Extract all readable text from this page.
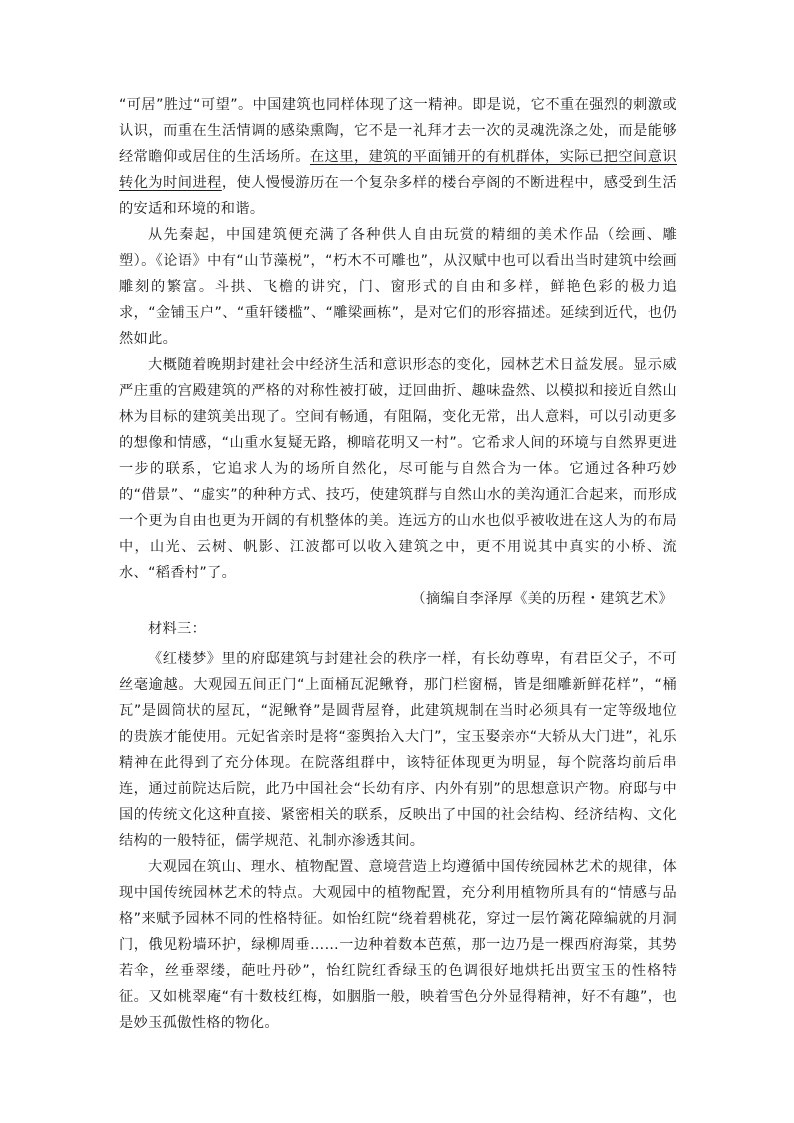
“可居”胜过“可望”。中国建筑也同样体现了这一精神。即是说，它不重在强烈的刺激或认识，而重在生活情调的感染熏陶，它不是一礼拜才去一次的灵魂洗涤之处，而是能够经常瞻仰或居住的生活场所。在这里，建筑的平面铺开的有机群体，实际已把空间意识转化为时间进程，使人慢慢游历在一个复杂多样的楼台亭阁的不断进程中，感受到生活的安适和环境的和谐。

从先秦起，中国建筑便充满了各种供人自由玩赏的精细的美术作品（绘画、雕塑）。《论语》中有“山节藻棁”，“朽木不可雕也”，从汉赋中也可以看出当时建筑中绘画雕刻的繁富。斗拱、飞檐的讲究，门、窗形式的自由和多样，鲜艳色彩的极力追求，“金铺玉户”、“重轩镂槛”、“雕梁画栋”，是对它们的形容描述。延续到近代，也仍然如此。

大概随着晚期封建社会中经济生活和意识形态的变化，园林艺术日益发展。显示威严庄重的宫殿建筑的严格的对称性被打破，迂回曲折、趣味盎然、以模拟和接近自然山林为目标的建筑美出现了。空间有畅通，有阻隔，变化无常，出人意料，可以引动更多的想像和情感，“山重水复疑无路，柳暗花明又一村”。它希求人间的环境与自然界更进一步的联系，它追求人为的场所自然化，尽可能与自然合为一体。它通过各种巧妙的“借景”、“虚实”的种种方式、技巧，使建筑群与自然山水的美沟通汇合起来，而形成一个更为自由也更为开阔的有机整体的美。连远方的山水也似乎被收进在这人为的布局中，山光、云树、帆影、江波都可以收入建筑之中，更不用说其中真实的小桥、流水、“稻香村”了。

（摘编自李泽厚《美的历程・建筑艺术》

材料三：

《红楼梦》里的府邸建筑与封建社会的秩序一样，有长幼尊卑，有君臣父子，不可丝毫逾越。大观园五间正门“上面桶瓦泥鳅脊，那门栏窗槅，皆是细雕新鲜花样”，“桶瓦”是圆筒状的屋瓦，“泥鳅脊”是圆背屋脊，此建筑规制在当时必须具有一定等级地位的贵族才能使用。元妃省亲时是将“銮舆抬入大门”，宝玉娶亲亦“大轿从大门进”，礼乐精神在此得到了充分体现。在院落组群中，该特征体现更为明显，每个院落均前后串连，通过前院达后院，此乃中国社会“长幼有序、内外有别”的思想意识产物。府邸与中国的传统文化这种直接、紧密相关的联系，反映出了中国的社会结构、经济结构、文化结构的一般特征，儒学规范、礼制亦渗透其间。

大观园在筑山、理水、植物配置、意境营造上均遵循中国传统园林艺术的规律，体现中国传统园林艺术的特点。大观园中的植物配置，充分利用植物所具有的“情感与品格”来赋予园林不同的性格特征。如怡红院“绕着碧桃花，穿过一层竹篱花障编就的月洞门，俄见粉墙环护，绿柳周垂……一边种着数本芭蕉，那一边乃是一棵西府海棠，其势若伞，丝垂翠缕，葩吐丹砂”，怡红院红香绿玉的色调很好地烘托出贾宝玉的性格特征。又如桃翠庵“有十数枝红梅，如胭脂一般，映着雪色分外显得精神，好不有趣”，也是妙玉孤傲性格的物化。
